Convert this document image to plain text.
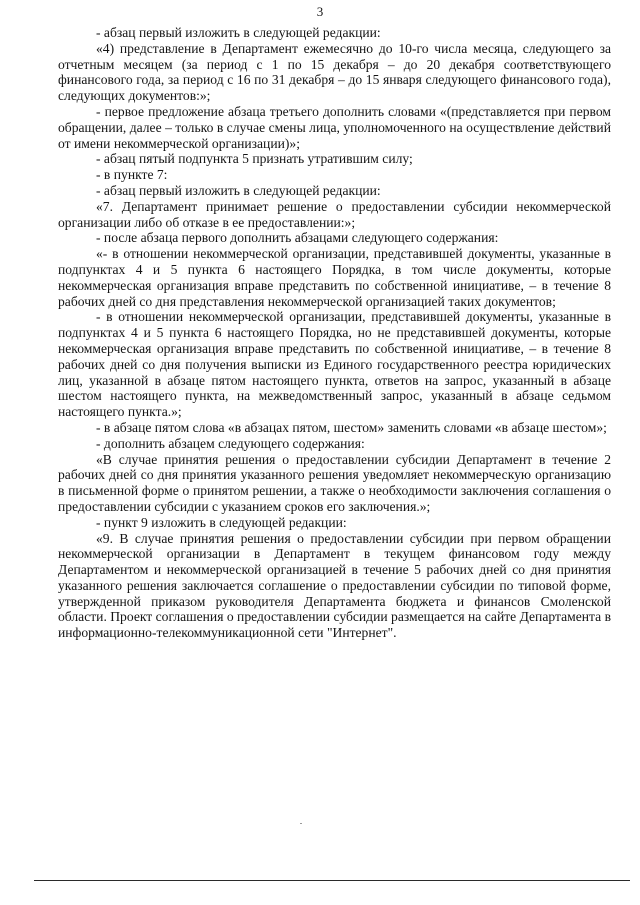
3

- абзац первый изложить в следующей редакции:

«4) представление в Департамент ежемесячно до 10-го числа месяца, следующего за отчетным месяцем (за период с 1 по 15 декабря – до 20 декабря соответствующего финансового года, за период с 16 по 31 декабря – до 15 января следующего финансового года), следующих документов:»;

- первое предложение абзаца третьего дополнить словами «(представляется при первом обращении, далее – только в случае смены лица, уполномоченного на осуществление действий от имени некоммерческой организации)»;

- абзац пятый подпункта 5 признать утратившим силу;

- в пункте 7:

- абзац первый изложить в следующей редакции:

«7. Департамент принимает решение о предоставлении субсидии некоммерческой организации либо об отказе в ее предоставлении:»;

- после абзаца первого дополнить абзацами следующего содержания:

«- в отношении некоммерческой организации, представившей документы, указанные в подпунктах 4 и 5 пункта 6 настоящего Порядка, в том числе документы, которые некоммерческая организация вправе представить по собственной инициативе, – в течение 8 рабочих дней со дня представления некоммерческой организацией таких документов;

- в отношении некоммерческой организации, представившей документы, указанные в подпунктах 4 и 5 пункта 6 настоящего Порядка, но не представившей документы, которые некоммерческая организация вправе представить по собственной инициативе, – в течение 8 рабочих дней со дня получения выписки из Единого государственного реестра юридических лиц, указанной в абзаце пятом настоящего пункта, ответов на запрос, указанный в абзаце шестом настоящего пункта, на межведомственный запрос, указанный в абзаце седьмом настоящего пункта.»;

- в абзаце пятом слова «в абзацах пятом, шестом» заменить словами «в абзаце шестом»;

- дополнить абзацем следующего содержания:

«В случае принятия решения о предоставлении субсидии Департамент в течение 2 рабочих дней со дня принятия указанного решения уведомляет некоммерческую организацию в письменной форме о принятом решении, а также о необходимости заключения соглашения о предоставлении субсидии с указанием сроков его заключения.»;

- пункт 9 изложить в следующей редакции:

«9. В случае принятия решения о предоставлении субсидии при первом обращении некоммерческой организации в Департамент в текущем финансовом году между Департаментом и некоммерческой организацией в течение 5 рабочих дней со дня принятия указанного решения заключается соглашение о предоставлении субсидии по типовой форме, утвержденной приказом руководителя Департамента бюджета и финансов Смоленской области. Проект соглашения о предоставлении субсидии размещается на сайте Департамента в информационно-телекоммуникационной сети "Интернет".
